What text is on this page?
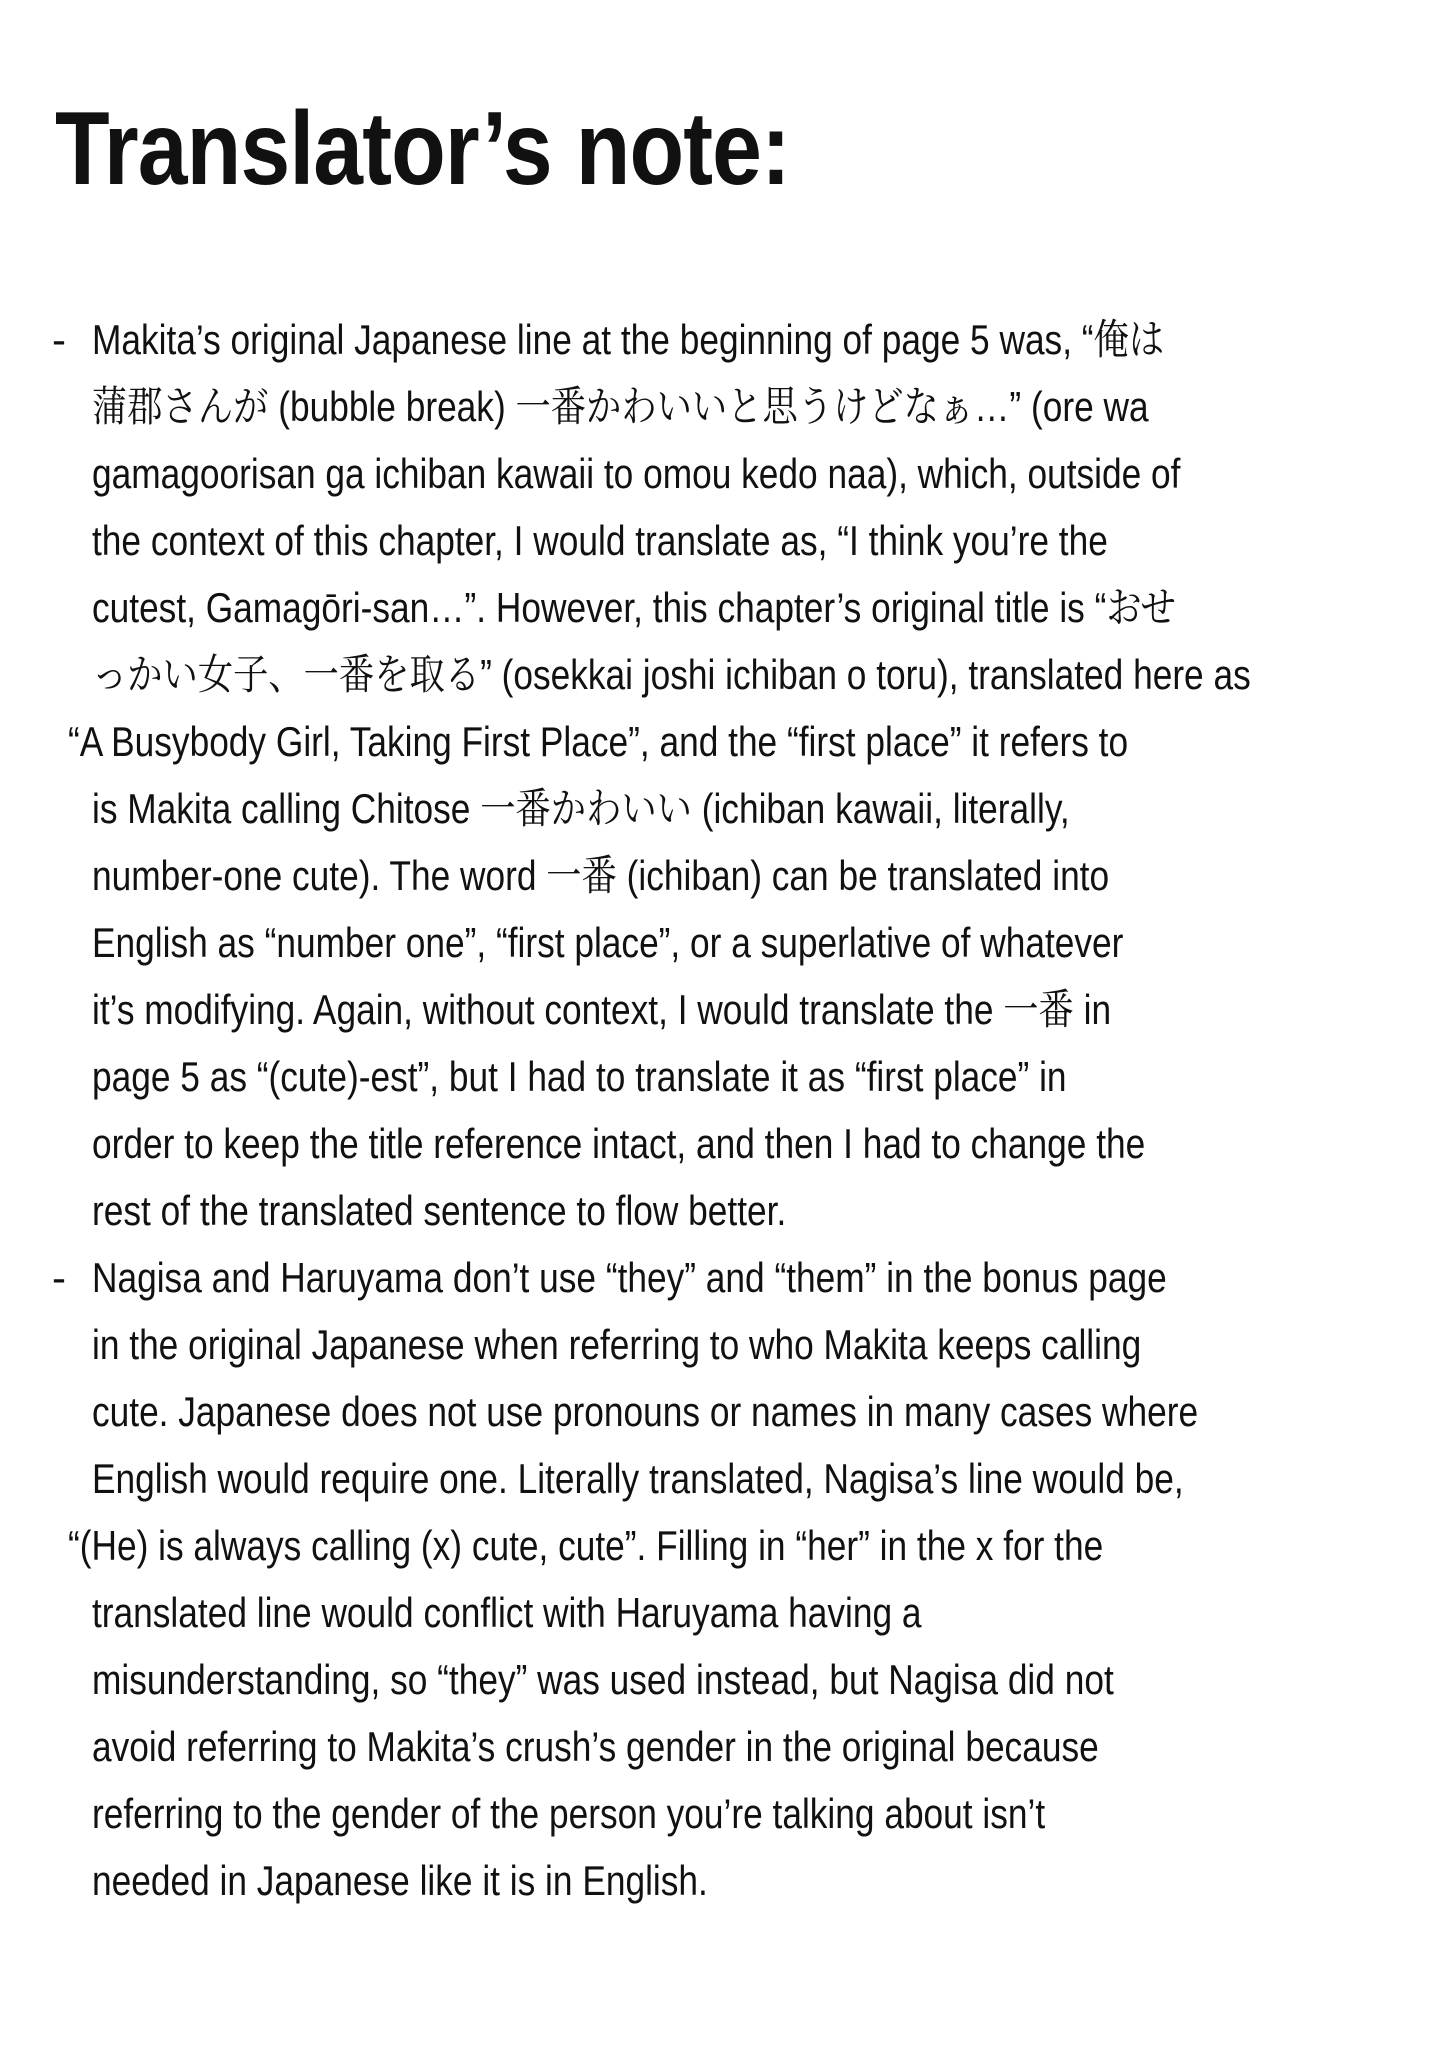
Translator’s note:
- Makita’s original Japanese line at the beginning of page 5 was, “俺は
蒲郡さんが (bubble break) 一番かわいいと思うけどなぁ…” (ore wa
gamagoorisan ga ichiban kawaii to omou kedo naa), which, outside of
the context of this chapter, I would translate as, “I think you’re the
cutest, Gamagōri-san…”. However, this chapter’s original title is “おせ
っかい女子、一番を取る” (osekkai joshi ichiban o toru), translated here as
“A Busybody Girl, Taking First Place”, and the “first place” it refers to
is Makita calling Chitose 一番かわいい (ichiban kawaii, literally,
number-one cute). The word 一番 (ichiban) can be translated into
English as “number one”, “first place”, or a superlative of whatever
it’s modifying. Again, without context, I would translate the 一番 in
page 5 as “(cute)-est”, but I had to translate it as “first place” in
order to keep the title reference intact, and then I had to change the
rest of the translated sentence to flow better.
- Nagisa and Haruyama don’t use “they” and “them” in the bonus page
in the original Japanese when referring to who Makita keeps calling
cute. Japanese does not use pronouns or names in many cases where
English would require one. Literally translated, Nagisa’s line would be,
“(He) is always calling (x) cute, cute”. Filling in “her” in the x for the
translated line would conflict with Haruyama having a
misunderstanding, so “they” was used instead, but Nagisa did not
avoid referring to Makita’s crush’s gender in the original because
referring to the gender of the person you’re talking about isn’t
needed in Japanese like it is in English.
